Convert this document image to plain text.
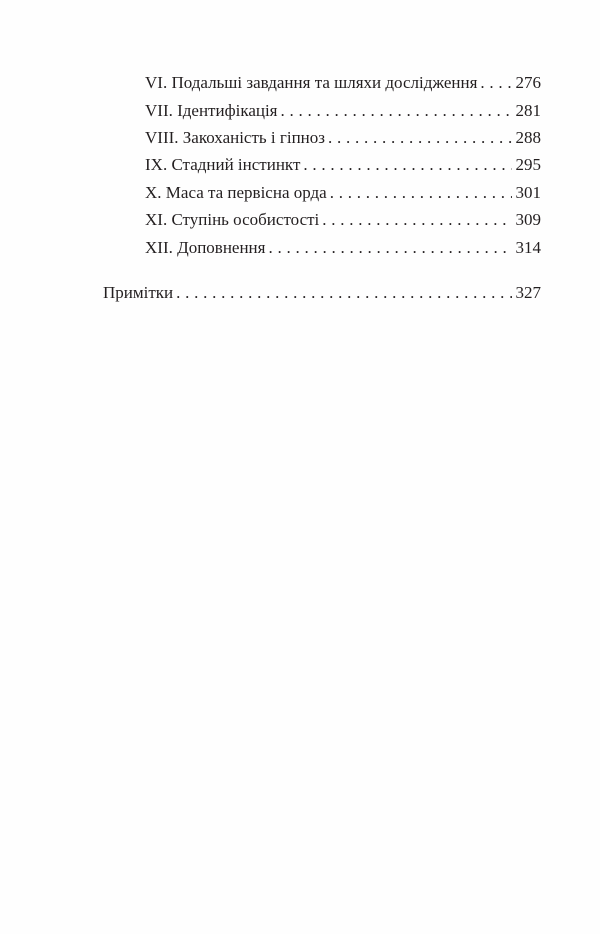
VI. Подальші завдання та шляхи дослідження . . . 276
VII. Ідентифікація . . .	281
VIII. Закоханість і гіпноз . . .	288
IX. Стадний інстинкт . . .	295
X. Маса та первісна орда . . .	301
XI. Ступінь особистості . . .	309
XII. Доповнення . . .	314
Примітки . . .	327
